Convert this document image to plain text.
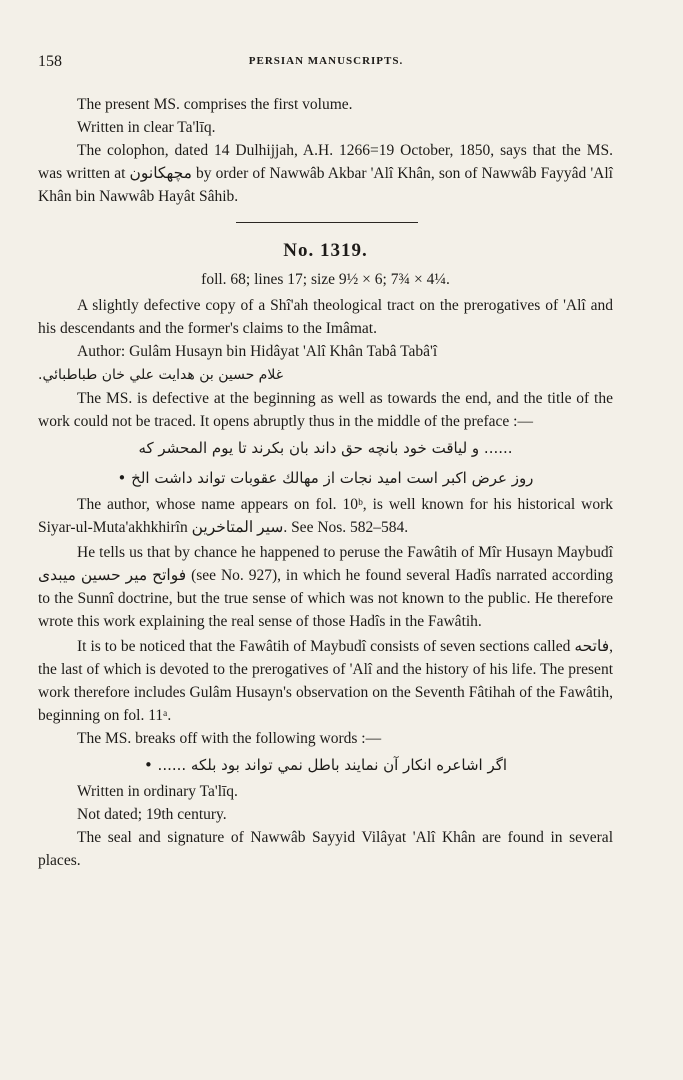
158	PERSIAN MANUSCRIPTS.

The present MS. comprises the first volume.

Written in clear Ta'līq.

The colophon, dated 14 Dulhijjah, A.H. 1266=19 October, 1850, says that the MS. was written at مچھکانون by order of Nawwâb Akbar 'Alî Khân, son of Nawwâb Fayyâd 'Alî Khân bin Nawwâb Hayât Sâhib.

No. 1319.
foll. 68; lines 17; size 9½ × 6; 7¾ × 4¼.

A slightly defective copy of a Shî'ah theological tract on the prerogatives of 'Alî and his descendants and the former's claims to the Imâmat.

Author: Gulâm Husayn bin Hidâyat 'Alî Khân Tabâ Tabâ'î

غلام حسین بن هدایت علي خان طباطبائي.

The MS. is defective at the beginning as well as towards the end, and the title of the work could not be traced. It opens abruptly thus in the middle of the preface :—

...... و لیاقت خود بانچه حق داند بان بکرند تا یوم المحشر که
روز عرض اکبر است امید نجات از مهالك عقوبات تواند داشت الخ •

The author, whose name appears on fol. 10ᵇ, is well known for his historical work Siyar-ul-Muta'akhkhirîn سیر المتاخرین. See Nos. 582–584.

He tells us that by chance he happened to peruse the Fawâtih of Mîr Husayn Maybudî فواتح میر حسین میبدی (see No. 927), in which he found several Hadîs narrated according to the Sunnî doctrine, but the true sense of which was not known to the public. He therefore wrote this work explaining the real sense of those Hadîs in the Fawâtih.

It is to be noticed that the Fawâtih of Maybudî consists of seven sections called فاتحه, the last of which is devoted to the prerogatives of 'Alî and the history of his life. The present work therefore includes Gulâm Husayn's observation on the Seventh Fâtihah of the Fawâtih, beginning on fol. 11ᵃ.

The MS. breaks off with the following words :—

اگر اشاعره انکار آن نمایند باطل نمي تواند بود بلکه ...... •

Written in ordinary Ta'līq.

Not dated; 19th century.

The seal and signature of Nawwâb Sayyid Vilâyat 'Alî Khân are found in several places.
